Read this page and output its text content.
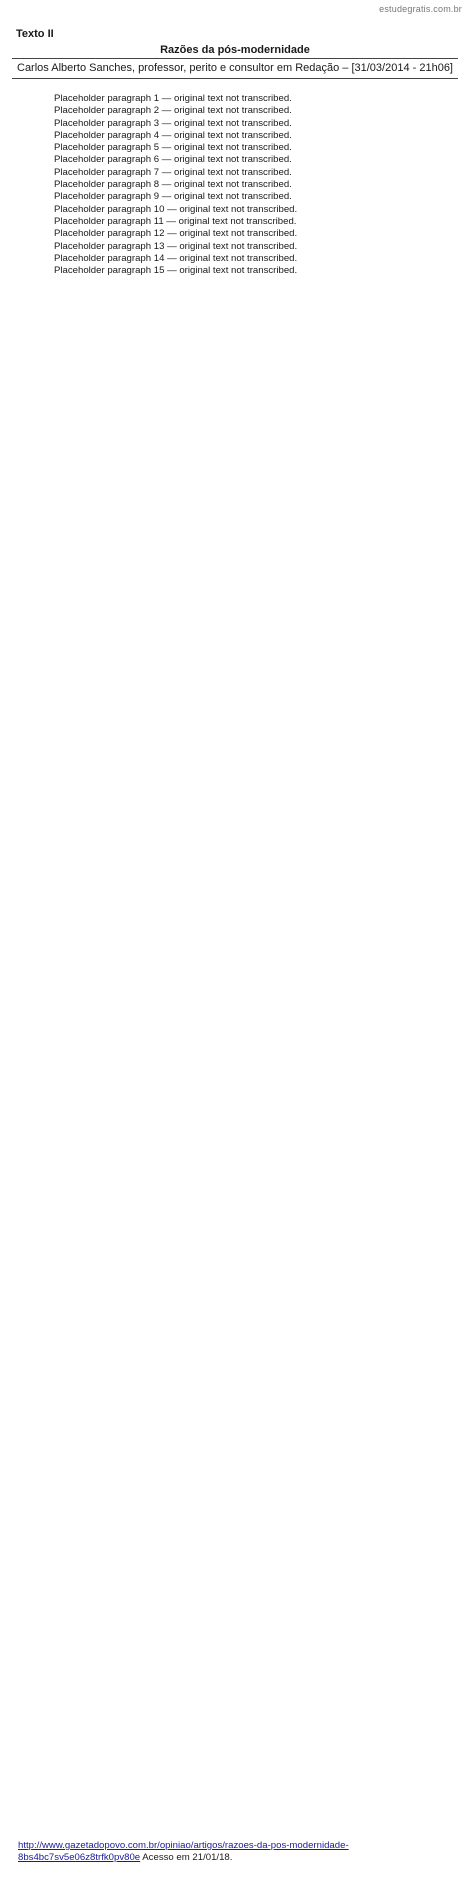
estudegratis.com.br
Texto II
Razões da pós-modernidade
Carlos Alberto Sanches, professor, perito e consultor em Redação – [31/03/2014 - 21h06]

Placeholder paragraph 1 — original text not transcribed.

Placeholder paragraph 2 — original text not transcribed.

Placeholder paragraph 3 — original text not transcribed.

Placeholder paragraph 4 — original text not transcribed.

Placeholder paragraph 5 — original text not transcribed.

Placeholder paragraph 6 — original text not transcribed.

Placeholder paragraph 7 — original text not transcribed.

Placeholder paragraph 8 — original text not transcribed.

Placeholder paragraph 9 — original text not transcribed.

Placeholder paragraph 10 — original text not transcribed.

Placeholder paragraph 11 — original text not transcribed.

Placeholder paragraph 12 — original text not transcribed.

Placeholder paragraph 13 — original text not transcribed.

Placeholder paragraph 14 — original text not transcribed.

Placeholder paragraph 15 — original text not transcribed.

http://www.gazetadopovo.com.br/opiniao/artigos/razoes-da-pos-modernidade-8bs4bc7sv5e06z8trfk0pv80e Acesso em 21/01/18.
